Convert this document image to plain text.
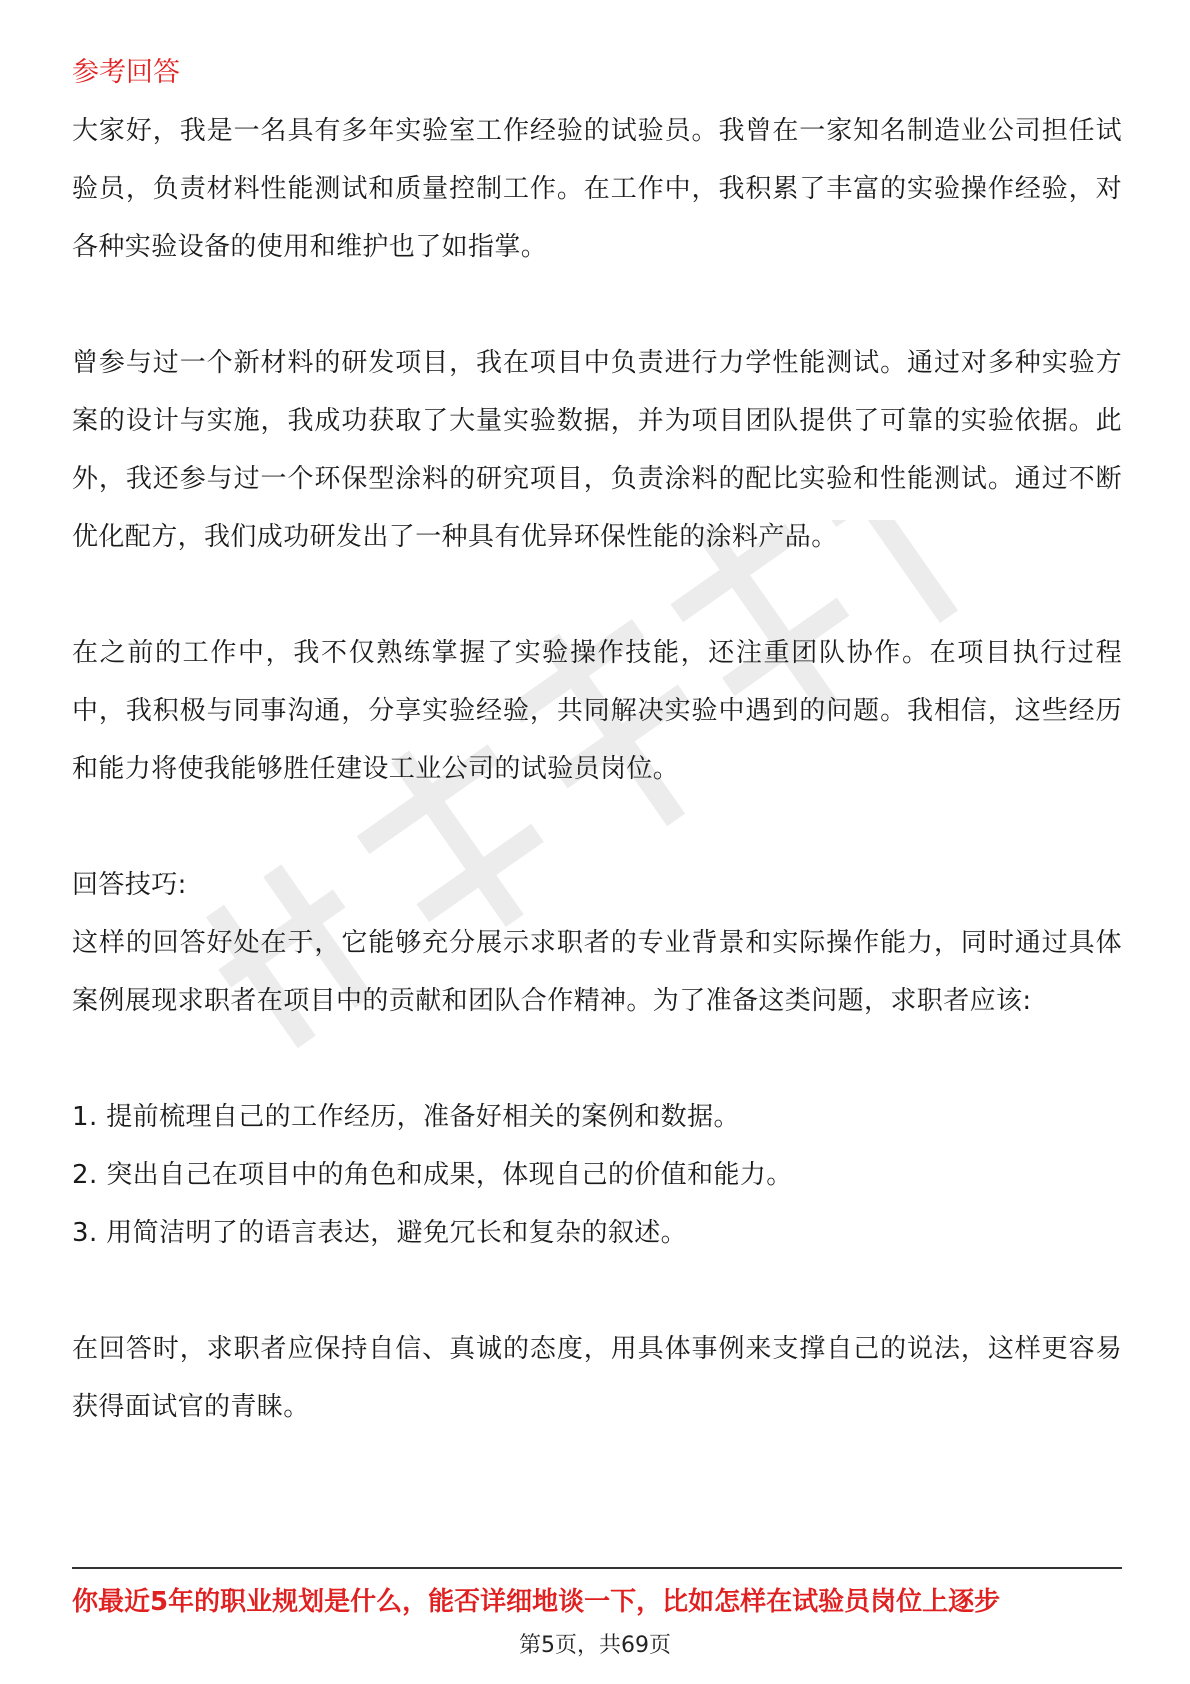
参考回答

大家好，我是一名具有多年实验室工作经验的试验员。我曾在一家知名制造业公司担任试验员，负责材料性能测试和质量控制工作。在工作中，我积累了丰富的实验操作经验，对各种实验设备的使用和维护也了如指掌。

曾参与过一个新材料的研发项目，我在项目中负责进行力学性能测试。通过对多种实验方案的设计与实施，我成功获取了大量实验数据，并为项目团队提供了可靠的实验依据。此外，我还参与过一个环保型涂料的研究项目，负责涂料的配比实验和性能测试。通过不断优化配方，我们成功研发出了一种具有优异环保性能的涂料产品。

在之前的工作中，我不仅熟练掌握了实验操作技能，还注重团队协作。在项目执行过程中，我积极与同事沟通，分享实验经验，共同解决实验中遇到的问题。我相信，这些经历和能力将使我能够胜任建设工业公司的试验员岗位。

回答技巧:

这样的回答好处在于，它能够充分展示求职者的专业背景和实际操作能力，同时通过具体案例展现求职者在项目中的贡献和团队合作精神。为了准备这类问题，求职者应该:

1. 提前梳理自己的工作经历，准备好相关的案例和数据。

2. 突出自己在项目中的角色和成果，体现自己的价值和能力。

3. 用简洁明了的语言表达，避免冗长和复杂的叙述。

在回答时，求职者应保持自信、真诚的态度，用具体事例来支撑自己的说法，这样更容易获得面试官的青睐。

你最近5年的职业规划是什么，能否详细地谈一下，比如怎样在试验员岗位上逐步
第5页，共69页
